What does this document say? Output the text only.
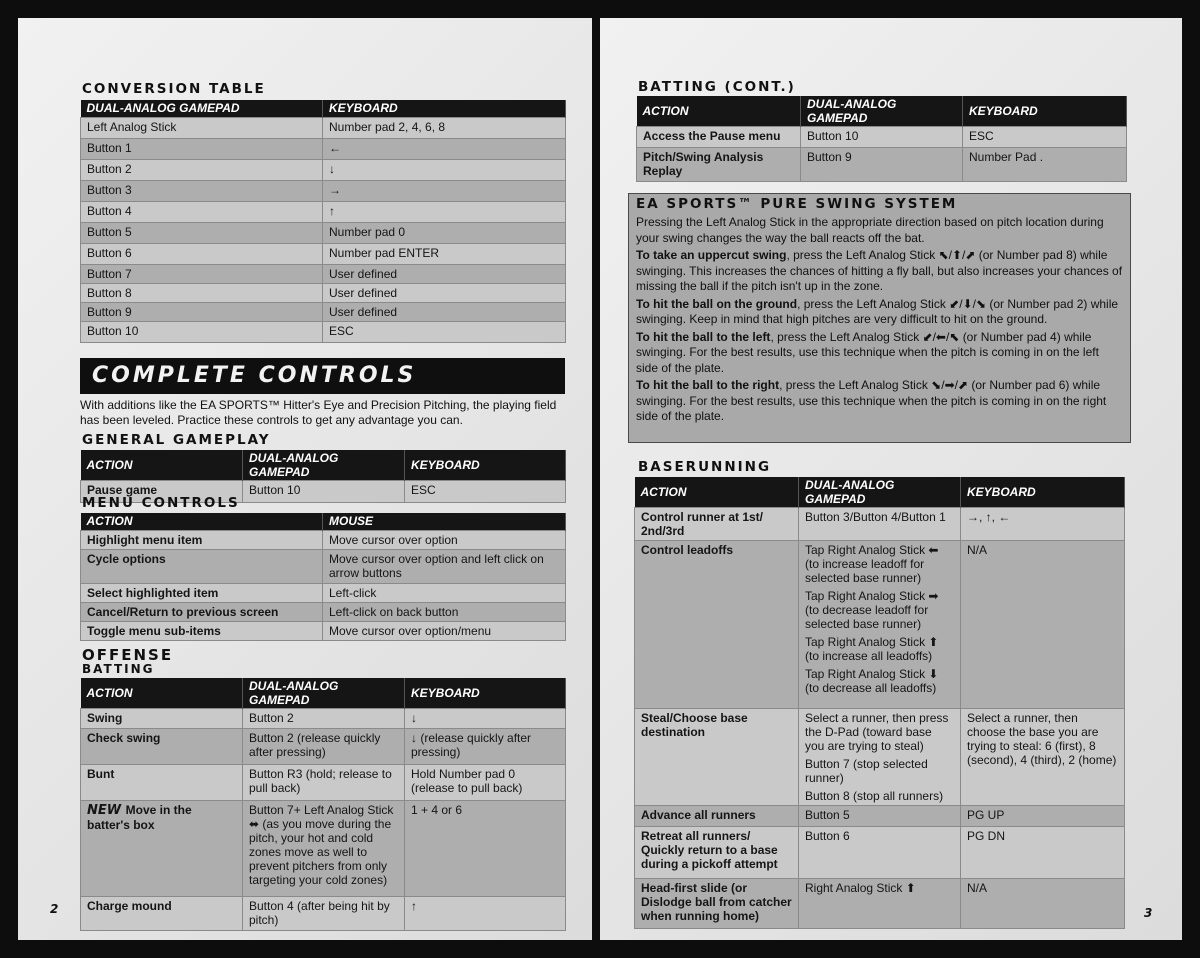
CONVERSION TABLE
DUAL-ANALOG GAMEPAD	KEYBOARD
Left Analog Stick	Number pad 2, 4, 6, 8
Button 1	←
Button 2	↓
Button 3	→
Button 4	↑
Button 5	Number pad 0
Button 6	Number pad ENTER
Button 7	User defined
Button 8	User defined
Button 9	User defined
Button 10	ESC
COMPLETE CONTROLS
With additions like the EA SPORTS™ Hitter's Eye and Precision Pitching, the playing field has been leveled. Practice these controls to get any advantage you can.
GENERAL GAMEPLAY
ACTION	DUAL-ANALOG GAMEPAD	KEYBOARD
Pause game	Button 10	ESC
MENU CONTROLS
ACTION	MOUSE
Highlight menu item	Move cursor over option
Cycle options	Move cursor over option and left click on arrow buttons
Select highlighted item	Left-click
Cancel/Return to previous screen	Left-click on back button
Toggle menu sub-items	Move cursor over option/menu
OFFENSE
BATTING
ACTION	DUAL-ANALOG GAMEPAD	KEYBOARD
Swing	Button 2	↓
Check swing	Button 2 (release quickly after pressing)	↓ (release quickly after pressing)
Bunt	Button R3 (hold; release to pull back)	Hold Number pad 0 (release to pull back)
NEW Move in the batter's box	Button 7+ Left Analog Stick ⬌ (as you move during the pitch, your hot and cold zones move as well to prevent pitchers from only targeting your cold zones)	1 + 4 or 6
Charge mound	Button 4 (after being hit by pitch)	↑
2
BATTING (CONT.)
ACTION	DUAL-ANALOG GAMEPAD	KEYBOARD
Access the Pause menu	Button 10	ESC
Pitch/Swing Analysis Replay	Button 9	Number Pad .
EA SPORTS™ PURE SWING SYSTEM

Pressing the Left Analog Stick in the appropriate direction based on pitch location during your swing changes the way the ball reacts off the bat.

To take an uppercut swing, press the Left Analog Stick ⬉/⬆/⬈ (or Number pad 8) while swinging. This increases the chances of hitting a fly ball, but also increases your chances of missing the ball if the pitch isn't up in the zone.

To hit the ball on the ground, press the Left Analog Stick ⬋/⬇/⬊ (or Number pad 2) while swinging. Keep in mind that high pitches are very difficult to hit on the ground.

To hit the ball to the left, press the Left Analog Stick ⬋/⬅/⬉ (or Number pad 4) while swinging. For the best results, use this technique when the pitch is coming in on the left side of the plate.

To hit the ball to the right, press the Left Analog Stick ⬊/➡/⬈ (or Number pad 6) while swinging. For the best results, use this technique when the pitch is coming in on the right side of the plate.

BASERUNNING
ACTION	DUAL-ANALOG GAMEPAD	KEYBOARD
Control runner at 1st/ 2nd/3rd	Button 3/Button 4/Button 1	→, ↑, ←
Control leadoffs	Tap Right Analog Stick ⬅ (to increase leadoff for selected base runner)
Tap Right Analog Stick ➡ (to decrease leadoff for selected base runner)
Tap Right Analog Stick ⬆ (to increase all leadoffs)
Tap Right Analog Stick ⬇ (to decrease all leadoffs)	N/A
Steal/Choose base destination	Select a runner, then press the D-Pad (toward base you are trying to steal)
Button 7 (stop selected runner)
Button 8 (stop all runners)	Select a runner, then choose the base you are trying to steal: 6 (first), 8 (second), 4 (third), 2 (home)
Advance all runners	Button 5	PG UP
Retreat all runners/ Quickly return to a base during a pickoff attempt	Button 6	PG DN
Head-first slide (or Dislodge ball from catcher when running home)	Right Analog Stick ⬆	N/A
3
